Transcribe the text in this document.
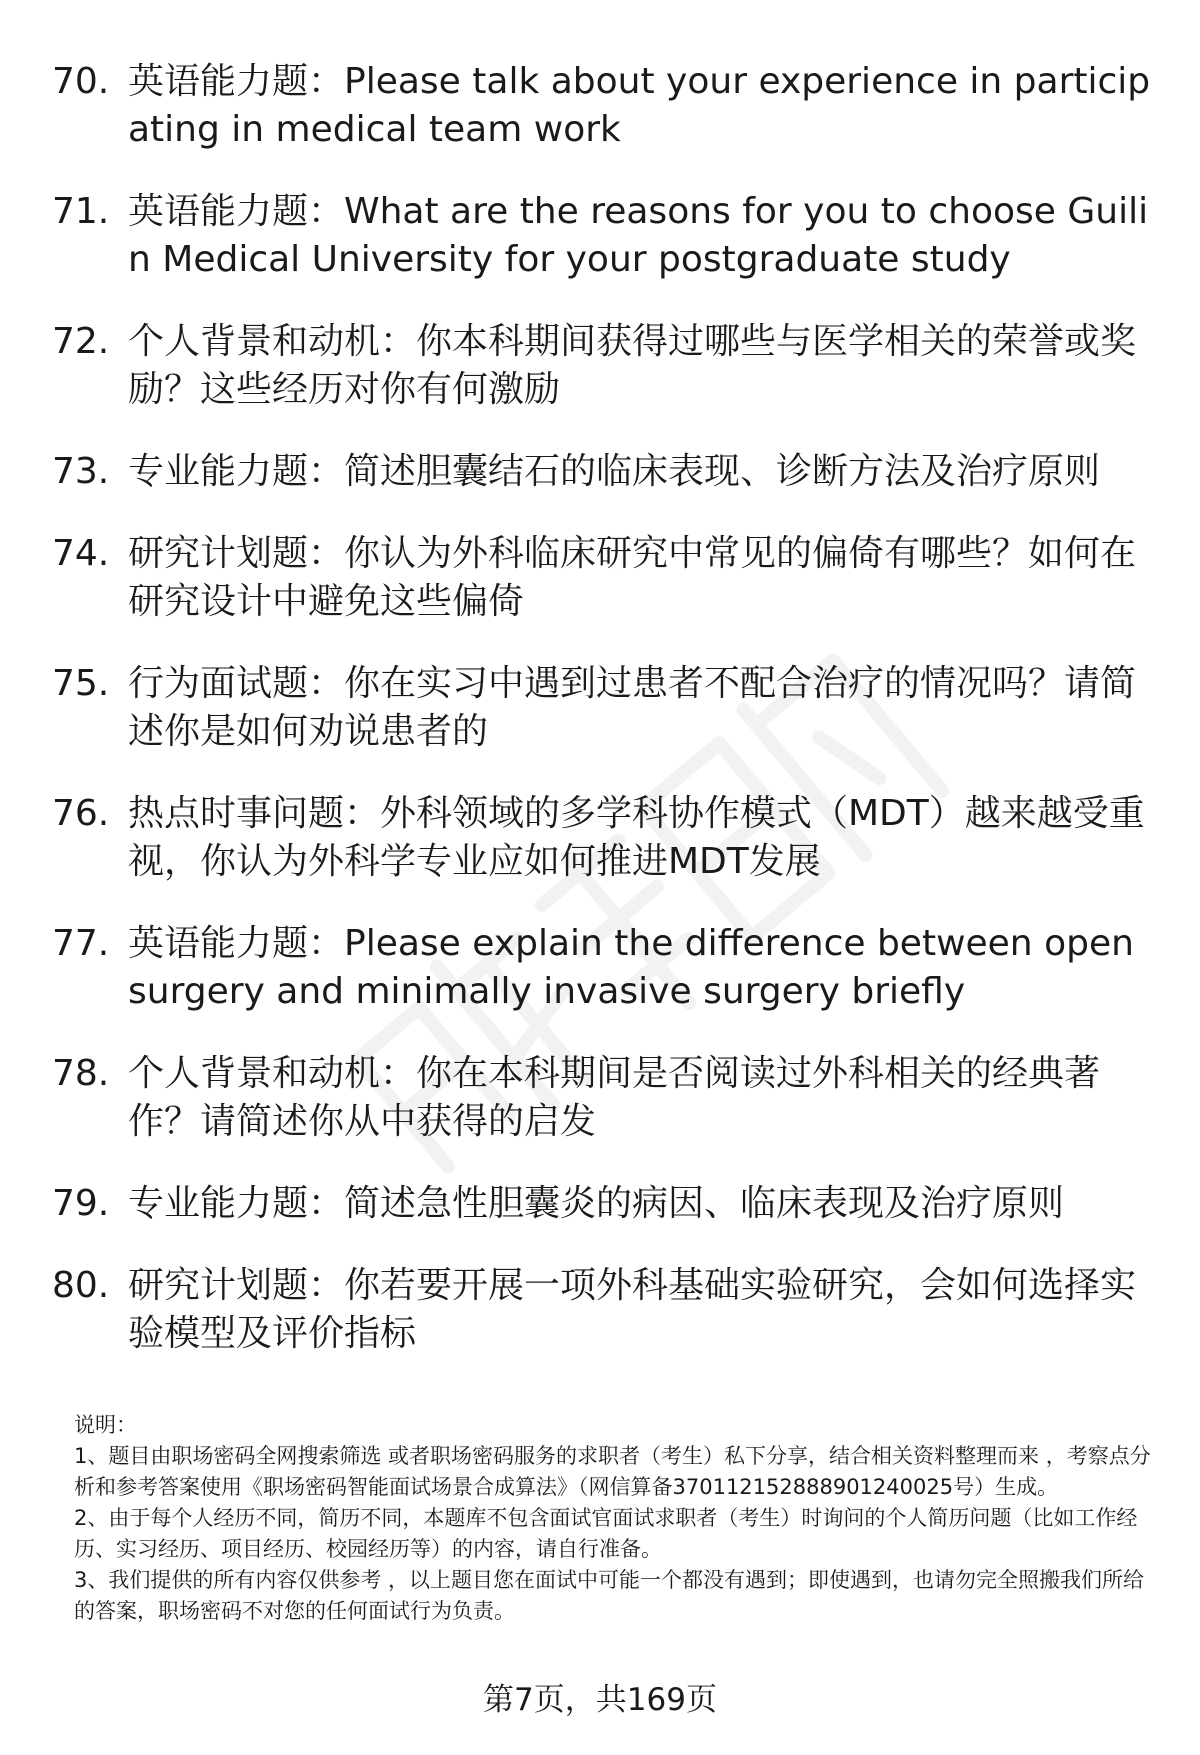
70. 英语能力题：Please talk about your experience in participating in medical team work
71. 英语能力题：What are the reasons for you to choose Guilin Medical University for your postgraduate study
72. 个人背景和动机：你本科期间获得过哪些与医学相关的荣誉或奖励？这些经历对你有何激励
73. 专业能力题：简述胆囊结石的临床表现、诊断方法及治疗原则
74. 研究计划题：你认为外科临床研究中常见的偏倚有哪些？如何在研究设计中避免这些偏倚
75. 行为面试题：你在实习中遇到过患者不配合治疗的情况吗？请简述你是如何劝说患者的
76. 热点时事问题：外科领域的多学科协作模式（MDT）越来越受重视，你认为外科学专业应如何推进MDT发展
77. 英语能力题：Please explain the difference between open surgery and minimally invasive surgery briefly
78. 个人背景和动机：你在本科期间是否阅读过外科相关的经典著作？请简述你从中获得的启发
79. 专业能力题：简述急性胆囊炎的病因、临床表现及治疗原则
80. 研究计划题：你若要开展一项外科基础实验研究，会如何选择实验模型及评价指标

说明：

1、题目由职场密码全网搜索筛选 或者职场密码服务的求职者（考生）私下分享，结合相关资料整理而来 ，考察点分析和参考答案使用《职场密码智能面试场景合成算法》（网信算备370112152888901240025号）生成。

2、由于每个人经历不同，简历不同，本题库不包含面试官面试求职者（考生）时询问的个人简历问题（比如工作经历、实习经历、项目经历、校园经历等）的内容，请自行准备。

3、我们提供的所有内容仅供参考 ，以上题目您在面试中可能一个都没有遇到；即使遇到，也请勿完全照搬我们所给的答案，职场密码不对您的任何面试行为负责。

第7页，共169页
